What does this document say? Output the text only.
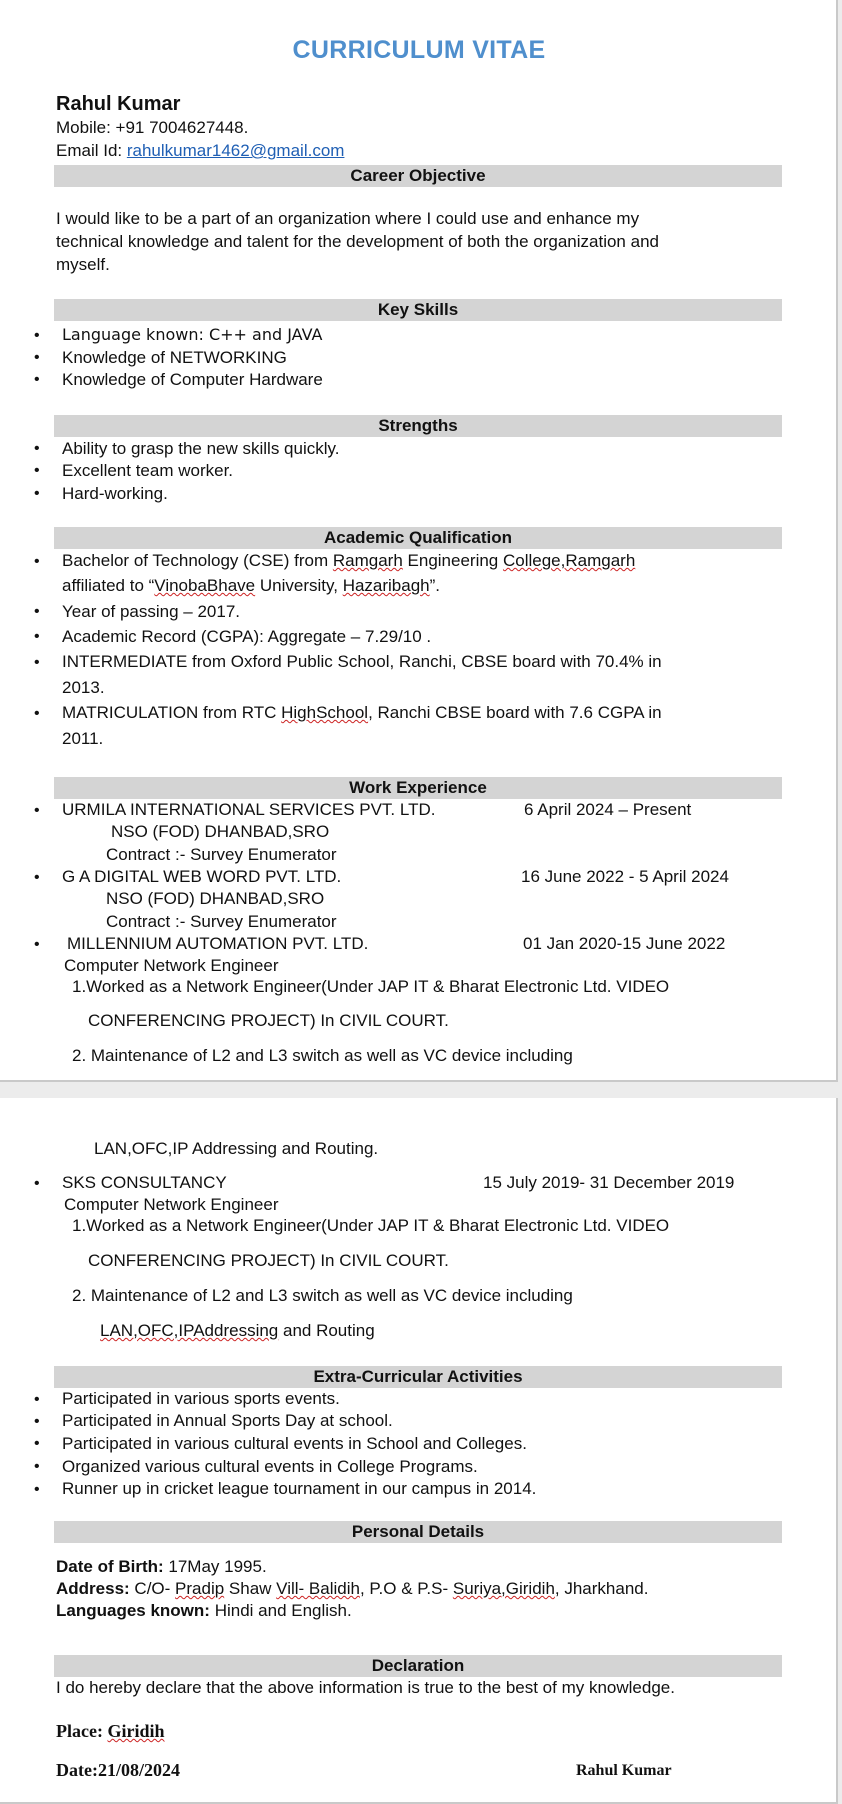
CURRICULUM VITAE
Rahul Kumar
Mobile: +91 7004627448.
Email Id: rahulkumar1462@gmail.com
Career Objective
I would like to be a part of an organization where I could use and enhance my
technical knowledge and talent for the development of both the organization and
myself.
Key Skills
• Language known: C++ and JAVA
• Knowledge of NETWORKING
• Knowledge of Computer Hardware
Strengths
• Ability to grasp the new skills quickly.
• Excellent team worker.
• Hard-working.
Academic Qualification
• Bachelor of Technology (CSE) from Ramgarh Engineering College,Ramgarh
affiliated to “VinobaBhave University, Hazaribagh”.
• Year of passing – 2017.
• Academic Record (CGPA): Aggregate – 7.29/10 .
• INTERMEDIATE from Oxford Public School, Ranchi, CBSE board with 70.4% in
2013.
• MATRICULATION from RTC HighSchool, Ranchi CBSE board with 7.6 CGPA in
2011.
Work Experience
• URMILA INTERNATIONAL SERVICES PVT. LTD.	6 April 2024 – Present
NSO (FOD) DHANBAD,SRO
Contract :- Survey Enumerator
• G A DIGITAL WEB WORD PVT. LTD.	16 June 2022 - 5 April 2024
NSO (FOD) DHANBAD,SRO
Contract :- Survey Enumerator
• MILLENNIUM AUTOMATION PVT. LTD.	01 Jan 2020-15 June 2022
Computer Network Engineer
1.Worked as a Network Engineer(Under JAP IT & Bharat Electronic Ltd. VIDEO
CONFERENCING PROJECT) In CIVIL COURT.
2. Maintenance of L2 and L3 switch as well as VC device including
LAN,OFC,IP Addressing and Routing.
• SKS CONSULTANCY	15 July 2019- 31 December 2019
Computer Network Engineer
1.Worked as a Network Engineer(Under JAP IT & Bharat Electronic Ltd. VIDEO
CONFERENCING PROJECT) In CIVIL COURT.
2. Maintenance of L2 and L3 switch as well as VC device including
LAN,OFC,IPAddressing and Routing
Extra-Curricular Activities
• Participated in various sports events.
• Participated in Annual Sports Day at school.
• Participated in various cultural events in School and Colleges.
• Organized various cultural events in College Programs.
• Runner up in cricket league tournament in our campus in 2014.
Personal Details
Date of Birth: 17May 1995.
Address: C/O- Pradip Shaw Vill- Balidih, P.O & P.S- Suriya,Giridih, Jharkhand.
Languages known: Hindi and English.
Declaration
I do hereby declare that the above information is true to the best of my knowledge.
Place: Giridih
Date:21/08/2024	Rahul Kumar
